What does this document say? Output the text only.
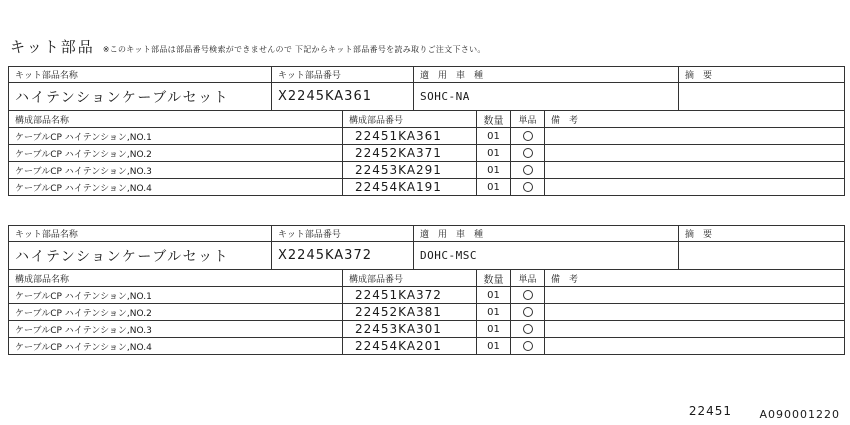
キット部品 ※このキット部品は部品番号検索ができませんので 下記からキット部品番号を読み取りご注文下さい。
キット部品名称	キット部品番号		適　用　車　種				摘　要
ハイテンションケーブルセット	X2245KA361		SOHC-NA				
構成部品名称		構成部品番号		数量	単品	備　考	
ケーブルCP ハイテンション,NO.1		22451KA361		01			
ケーブルCP ハイテンション,NO.2		22452KA371		01			
ケーブルCP ハイテンション,NO.3		22453KA291		01			
ケーブルCP ハイテンション,NO.4		22454KA191		01			
キット部品名称	キット部品番号		適　用　車　種				摘　要
ハイテンションケーブルセット	X2245KA372		DOHC-MSC				
構成部品名称		構成部品番号		数量	単品	備　考	
ケーブルCP ハイテンション,NO.1		22451KA372		01			
ケーブルCP ハイテンション,NO.2		22452KA381		01			
ケーブルCP ハイテンション,NO.3		22453KA301		01			
ケーブルCP ハイテンション,NO.4		22454KA201		01			
22451 A090001220
